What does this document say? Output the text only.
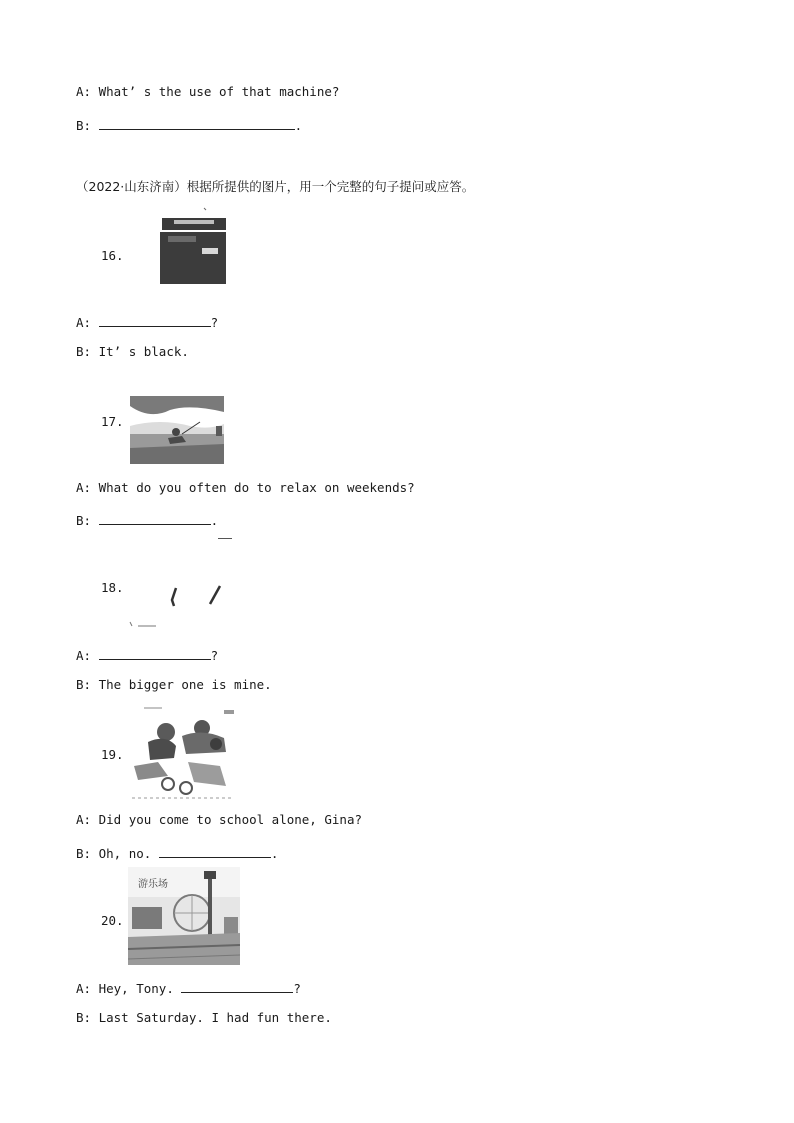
A: What’ s the use of that machine?
B:	.
（2022·山东济南）根据所提供的图片，用一个完整的句子提问或应答。
16.
A:	?
B: It’ s black.
17.
A: What do you often do to relax on weekends?
B:	.
18.
A:	?
B: The bigger one is mine.
19.
A: Did you come to school alone, Gina?
B: Oh, no.	.
20.
游乐场
A: Hey, Tony.	?
B: Last Saturday. I had fun there.
